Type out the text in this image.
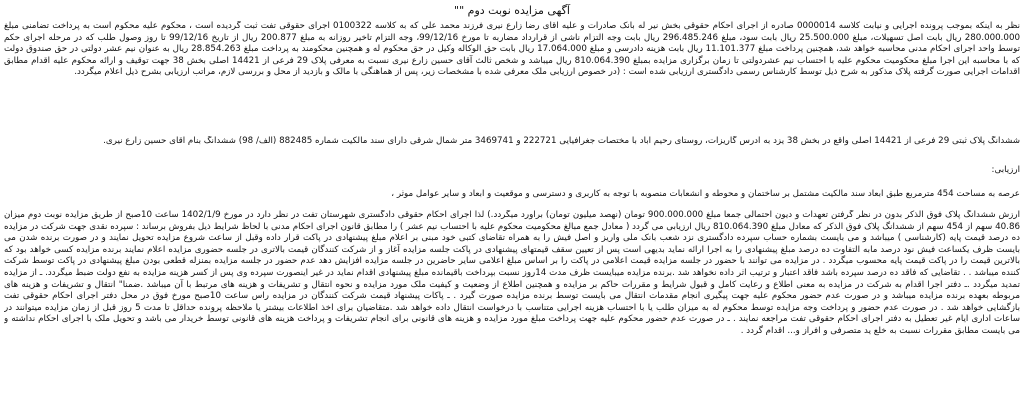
آگهی مزایده نوبت دوم ""
نظر به اینکه بموجب پرونده اجرایی و نیابت کلاسه 0000014 صادره از اجرای احکام حقوقی بخش نیر له بانک صادرات و علیه آقای رضا زارع نیری فرزند محمد علی که به کلاسه 0100322 اجرای حقوقی تفت ثبت گردیده است ، محکوم علیه محکوم است به پرداخت تضامنی مبلغ 280.000.000 ریال بابت اصل تسهیلات، مبلغ 25.500.000 ریال بابت سود، مبلغ 296.485.246 ریال بابت وجه التزام ناشی از قرارداد مضاربه تا مورخ 99/12/16، وجه التزام تاخیر روزانه به مبلغ 200.877 ریال از تاریخ 99/12/16 تا روز وصول طلب که در مرحله اجرای حکم توسط واحد اجرای احکام مدنی محاسبه خواهد شد، همچنین پرداخت مبلغ 11.101.377 ریال بابت هزینه دادرسی و مبلغ 17.064.000 ریال بابت حق الوکاله وکیل در حق محکوم له و همچنین محکومند به پرداخت مبلغ 28.854.263 ریال به عنوان نیم عشر دولتی در حق صندوق دولت که با محاسبه این اجرا مبلغ محکومیت محکوم علیه با احتساب نیم عشردولتی تا زمان برگزاری مزایده بمبلغ 810.064.390 ریال میباشد و شخص ثالث آقای حسین زارع نیری نسبت به معرفی پلاک 29 فرعی از 14421 اصلی بخش 38 جهت توقیف و ارائه محکوم علیه اقدام مطابق اقدامات اجرایی صورت گرفته پلاک مذکور به شرح ذیل توسط کارشناس رسمی دادگستری ارزیابی شده است : (در خصوص ارزیابی ملک معرفی شده با مشخصات زیر، پس از هماهنگی با مالک و بازدید از محل و بررسی لازم، مراتب ارزیابی بشرح ذیل اعلام میگردد.
ششدانگ پلاک ثبتی 29 فرعی از 14421 اصلی واقع در بخش 38 یزد به آدرس گاریزات، روستای رحیم آباد با مختصات جغرافیایی 222721 و 3469741 متر شمال شرقی دارای سند مالکیت شماره 882485 (الف/ 98) ششدانگ بنام آقای حسین زارع نیری.
ارزیابی:
عرصه به مساحت 454 مترمربع طبق ابعاد سند مالکیت مشتمل بر ساختمان و محوطه و انشعابات منصوبه با توجه به کاربری و دسترسی و موقعیت و ابعاد و سایر عوامل موثر ،
ارزش ششدانگ پلاک فوق الذکر بدون در نظر گرفتن تعهدات و دیون احتمالی جمعا مبلغ 900.000.000 تومان (نهصد میلیون تومان) براورد میگردد.) لذا اجرای احکام حقوقی دادگستری شهرستان تفت در نظر دارد در مورخ 1402/1/9 ساعت 10صبح از طریق مزایده نوبت دوم میزان 40.86 سهم از 454 سهم از ششدانگ پلاک فوق الذکر که معادل مبلغ 810.064.390 ریال ارزیابی می گردد ( معادل جمع مبالغ محکومیت محکوم علیه با احتساب نیم عشر ) را مطابق قانون اجرای احکام مدنی با لحاظ شرایط ذیل بفروش برساند : سپرده نقدی جهت شرکت در مزایده ده درصد قیمت پایه (کارشناسی ) میباشد و می بایست بشماره حساب سپرده دادگستری نزد شعب بانک ملی واریز و اصل فیش را به همراه تقاضای کتبی خود مبنی بر اعلام مبلغ پیشنهادی در پاکت قرار داده وقبل از ساعت شروع مزایده تحویل نمایند و در صورت برنده شدن می بایست ظرف یکساعت فیش نود درصد مابه التفاوت ده درصد مبلغ پیشنهادی را به اجرا ارائه نماید بدیهی است پس از تعیین سقف قیمتهای پیشنهادی در پاکت جلسه مزایده آغاز و از شرکت کنندگان قیمت بالاتری در جلسه حضوری مزایده اعلام نمایند برنده مزایده کسی خواهد بود که بالاترین قیمت را در پاکت قیمت پایه محسوب میگردد . در مزایده می توانند با حضور در جلسه مزایده قیمت اعلامی در پاکت را بر اساس مبلغ اعلامی سایر حاضرین در جلسه مزایده افزایش دهد عدم حضور در جلسه مزایده بمنزله قطعی بودن مبلغ پیشنهادی در پاکت توسط شرکت کننده میباشد . . تقاضایی که فاقد ده درصد سپرده باشد فاقد اعتبار و ترتیب اثر داده نخواهد شد .برنده مزایده میبایست ظرف مدت 14روز نسبت بپرداخت باقیمانده مبلغ پیشنهادی اقدام نماید در غیر اینصورت سپرده وی پس از کسر هزینه مزایده به نفع دولت ضبط میگردد. ـ از مزایده تمدید میگردد .ـ دفتر اجرا اقدام به شرکت در مزایده به معنی اطلاع و رعایت کامل و قبول شرایط و مقررات حاکم بر مزایده و همچنین اطلاع از وضعیت و کیفیت ملک مورد مزایده و نحوه انتقال و تشریفات و هزینه های مرتبط با آن میباشد .ضمنا" انتقال و تشریفات و هزینه های مربوطه بعهده برنده مزایده میباشد و در صورت عدم حضور محکوم علیه جهت پیگیری انجام مقدمات انتقال می بایست توسط برنده مزایده صورت گیرد . ـ پاکات پیشنهاد قیمت شرکت کنندگان در مزایده راس ساعت 10صبح مورخ فوق در محل دفتر اجرای احکام حقوقی تفت بازگشایی خواهد شد . در صورت عدم حضور و پرداخت وجه مزایده توسط محکوم له به میزان طلب یا با احتساب هزینه اجرایی متناسب با درخواست انتقال داده خواهد شد .متقاضیان برای اخذ اطلاعات بیشتر یا ملاحظه پرونده حداقل تا مدت 5 روز قبل از زمان مزایده میتوانند در ساعات اداری ایام غیر تعطیل به دفتر اجرای احکام حقوقی تفت مراجعه نمایند . ـ در صورت عدم حضور محکوم علیه جهت پرداخت مبلغ مورد مزایده و هزینه های قانونی برای انجام تشریفات و پرداخت هزینه های قانونی توسط خریدار می باشد و تحویل ملک با اجرای احکام نداشته و می بایست مطابق مقررات نسبت به خلع ید متصرفی و افراز و... اقدام گردد .
